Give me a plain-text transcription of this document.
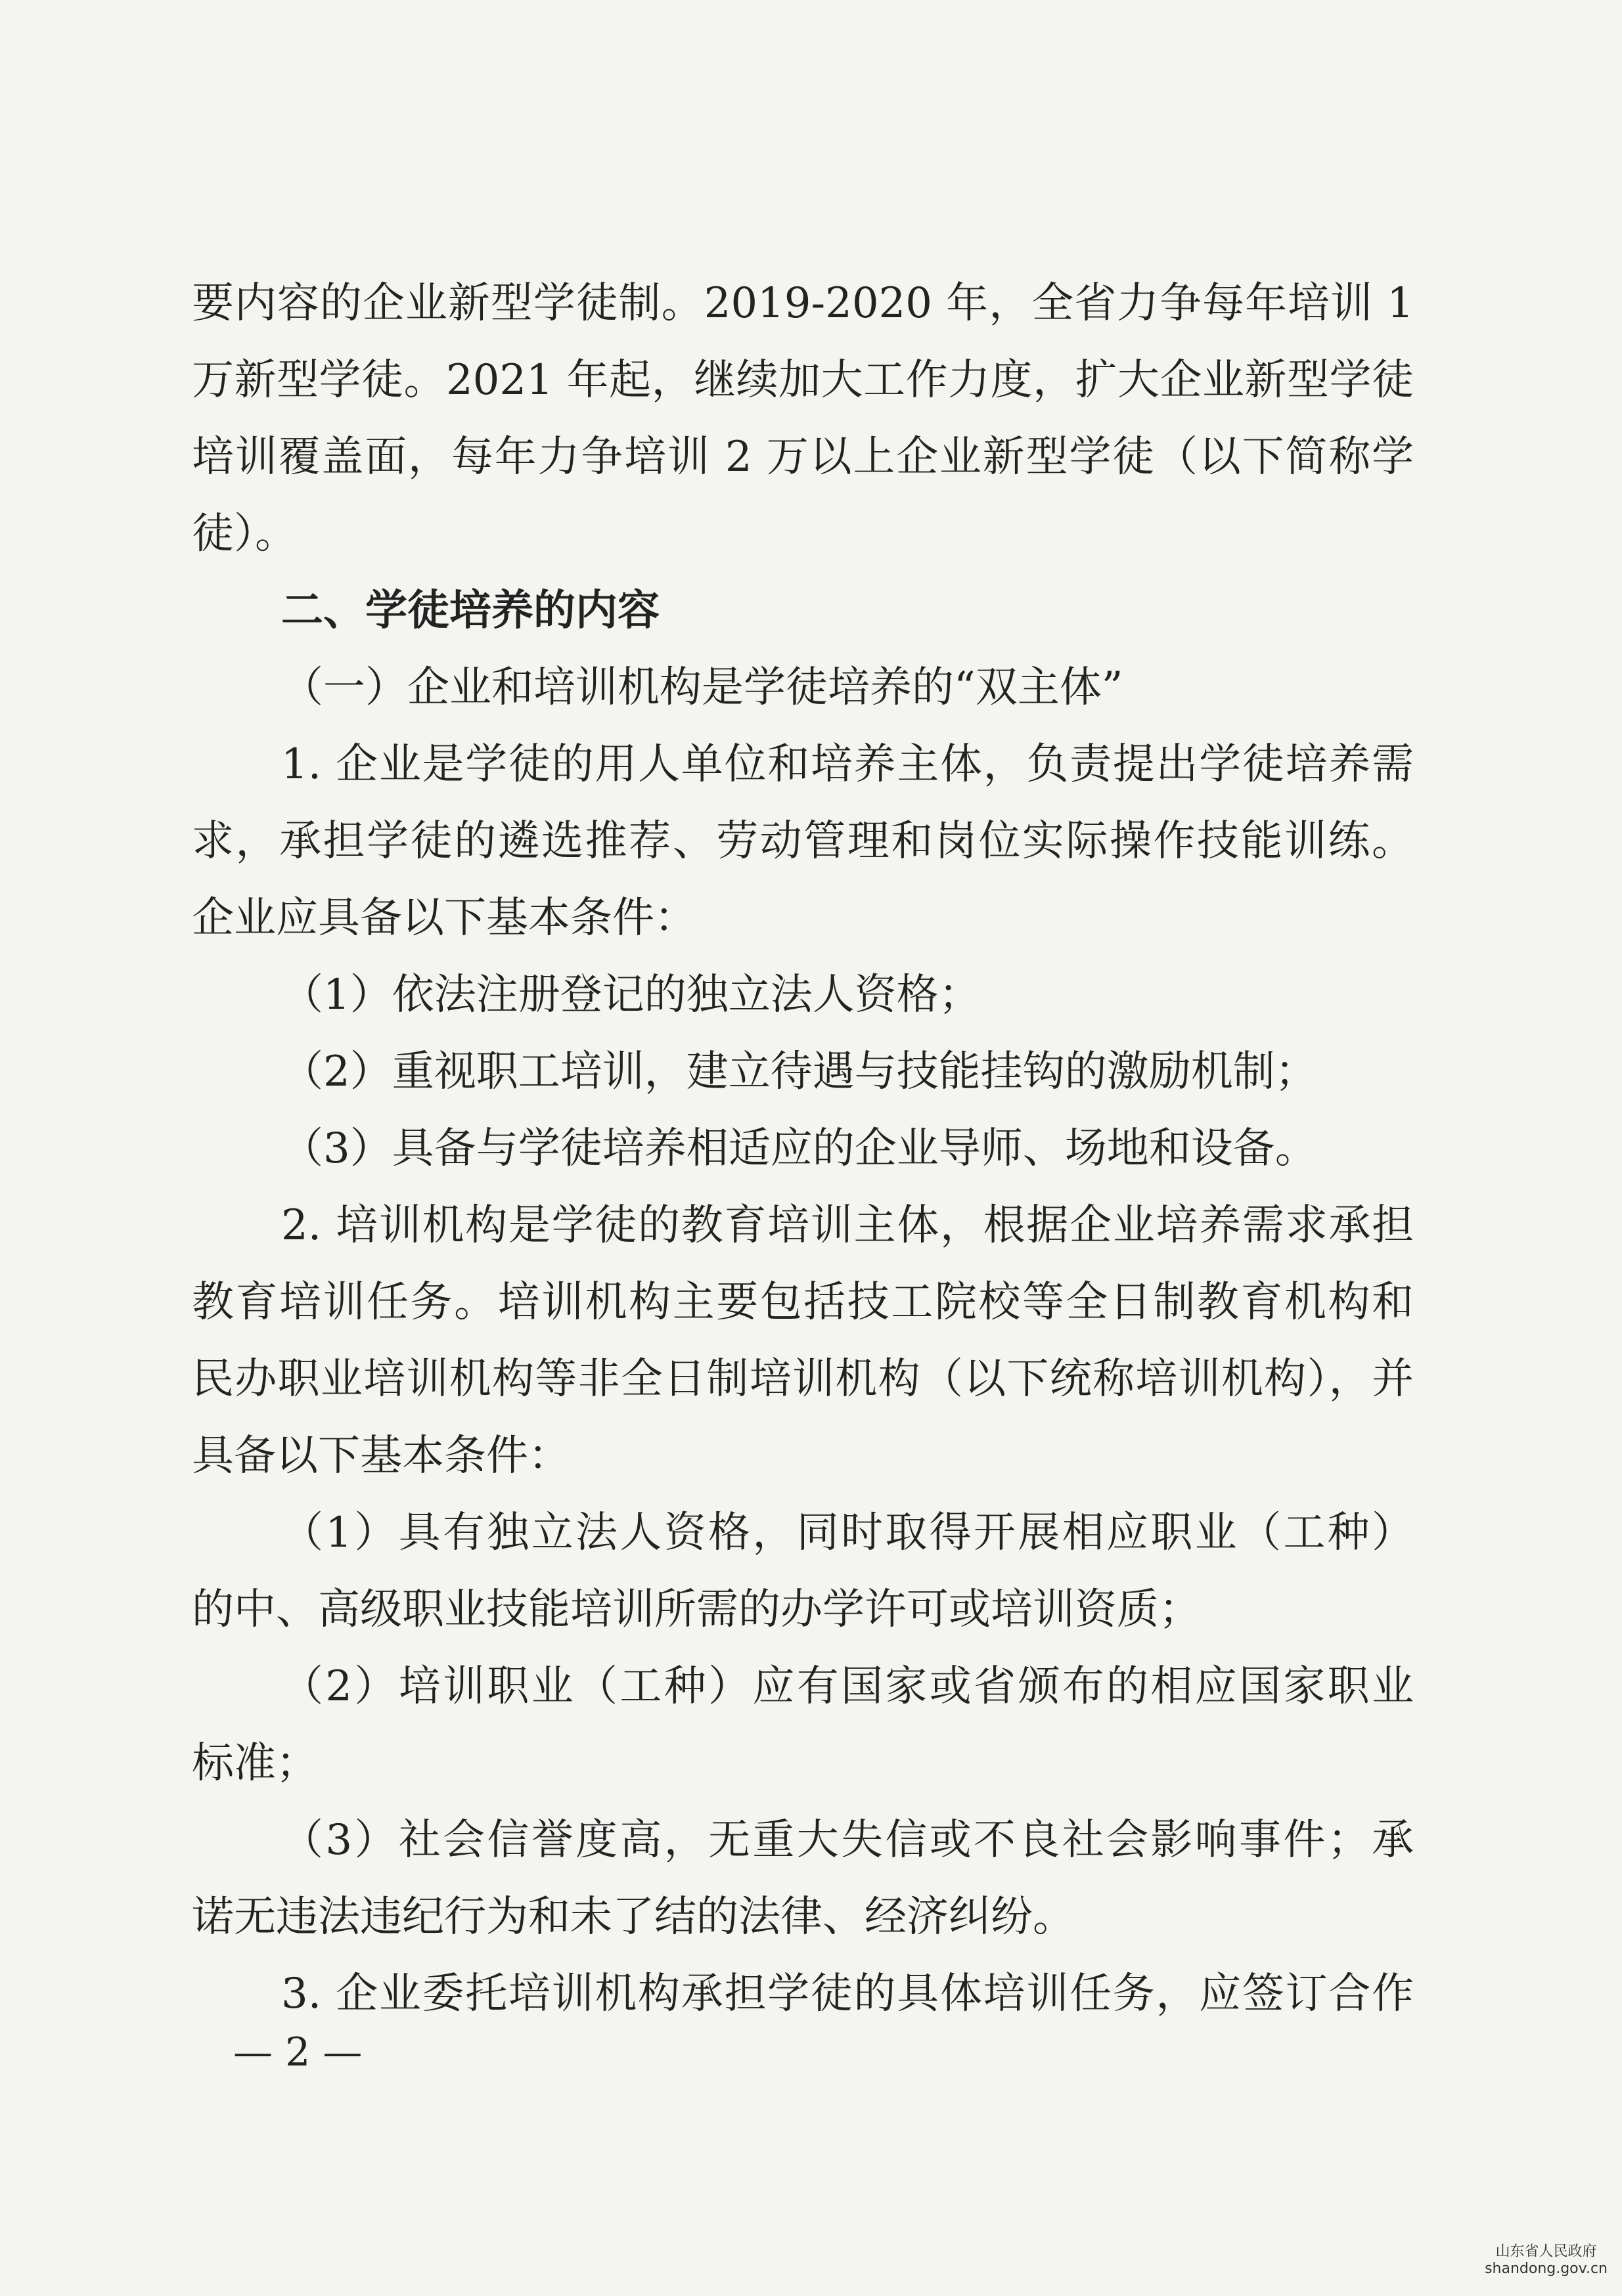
要内容的企业新型学徒制。2019-2020 年，全省力争每年培训 1
万新型学徒。2021 年起，继续加大工作力度，扩大企业新型学徒
培训覆盖面，每年力争培训 2 万以上企业新型学徒（以下简称学
徒）。
二、学徒培养的内容
（一）企业和培训机构是学徒培养的“双主体”
1. 企业是学徒的用人单位和培养主体，负责提出学徒培养需
求，承担学徒的遴选推荐、劳动管理和岗位实际操作技能训练。
企业应具备以下基本条件：
（1）依法注册登记的独立法人资格；
（2）重视职工培训，建立待遇与技能挂钩的激励机制；
（3）具备与学徒培养相适应的企业导师、场地和设备。
2. 培训机构是学徒的教育培训主体，根据企业培养需求承担
教育培训任务。培训机构主要包括技工院校等全日制教育机构和
民办职业培训机构等非全日制培训机构（以下统称培训机构），并
具备以下基本条件：
（1）具有独立法人资格，同时取得开展相应职业（工种）
的中、高级职业技能培训所需的办学许可或培训资质；
（2）培训职业（工种）应有国家或省颁布的相应国家职业
标准；
（3）社会信誉度高，无重大失信或不良社会影响事件；承
诺无违法违纪行为和未了结的法律、经济纠纷。
3. 企业委托培训机构承担学徒的具体培训任务，应签订合作
— 2 —
山东省人民政府
shandong.gov.cn
